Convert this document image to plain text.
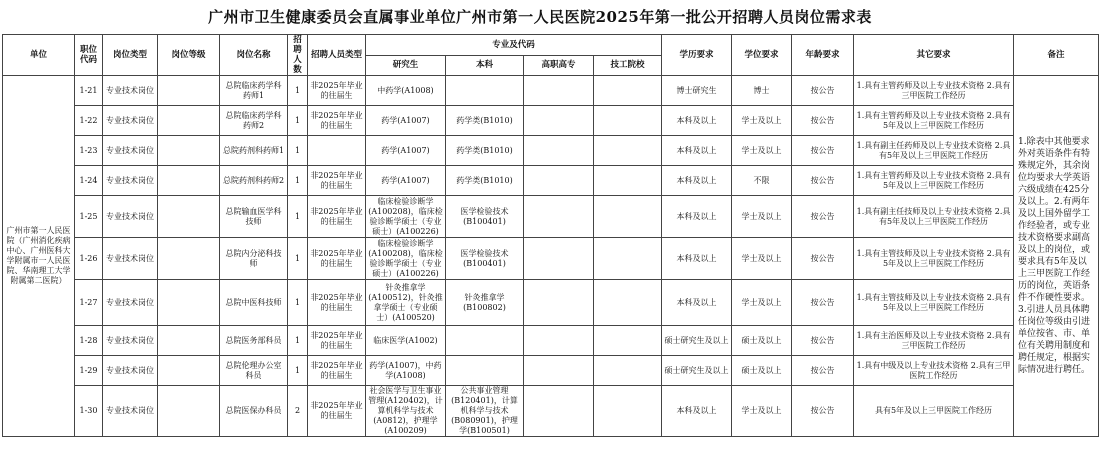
广州市卫生健康委员会直属事业单位广州市第一人民医院2025年第一批公开招聘人员岗位需求表
单位	职位代码	岗位类型	岗位等级	岗位名称	招聘人数	招聘人员类型	专业及代码				学历要求	学位要求	年龄要求	其它要求	备注
							研究生	本科	高职高专	技工院校					
广州市第一人民医院（广州消化疾病中心、广州医科大学附属市一人民医院、华南理工大学附属第二医院）	1-21	专业技术岗位		总院临床药学科药师1	1	非2025年毕业的往届生	中药学(A1008)				博士研究生	博士	按公告	1.具有主管药师及以上专业技术资格 2.具有三甲医院工作经历	1.除表中其他要求外对英语条件有特殊规定外，其余岗位均要求大学英语六级成绩在425分及以上。2.有两年及以上国外留学工作经验者，或专业技术资格要求副高及以上的岗位，或要求具有5年及以上三甲医院工作经历的岗位，英语条件不作硬性要求。3.引进人员具体聘任岗位等级由引进单位按省、市、单位有关聘用制度和聘任规定，根据实际情况进行聘任。
	1-22	专业技术岗位		总院临床药学科药师2	1	非2025年毕业的往届生	药学(A1007)	药学类(B1010)			本科及以上	学士及以上	按公告	1.具有主管药师及以上专业技术资格 2.具有5年及以上三甲医院工作经历	
	1-23	专业技术岗位		总院药剂科药师1	1		药学(A1007)	药学类(B1010)			本科及以上	学士及以上	按公告	1.具有副主任药师及以上专业技术资格 2.具有5年及以上三甲医院工作经历	
	1-24	专业技术岗位		总院药剂科药师2	1	非2025年毕业的往届生	药学(A1007)	药学类(B1010)			本科及以上	不限	按公告	1.具有主管药师及以上专业技术资格 2.具有5年及以上三甲医院工作经历	
	1-25	专业技术岗位		总院输血医学科技师	1	非2025年毕业的往届生	临床检验诊断学(A100208)，临床检验诊断学硕士（专业硕士）(A100226)	医学检验技术(B100401)			本科及以上	学士及以上	按公告	1.具有副主任技师及以上专业技术资格 2.具有5年及以上三甲医院工作经历	
	1-26	专业技术岗位		总院内分泌科技师	1	非2025年毕业的往届生	临床检验诊断学(A100208)，临床检验诊断学硕士（专业硕士）(A100226)	医学检验技术(B100401)			本科及以上	学士及以上	按公告	1.具有主管技师及以上专业技术资格 2.具有5年及以上三甲医院工作经历	
	1-27	专业技术岗位		总院中医科技师	1	非2025年毕业的往届生	针灸推拿学(A100512)，针灸推拿学硕士（专业硕士）(A100520)	针灸推拿学(B100802)			本科及以上	学士及以上	按公告	1.具有主管技师及以上专业技术资格 2.具有5年及以上三甲医院工作经历	
	1-28	专业技术岗位		总院医务部科员	1	非2025年毕业的往届生	临床医学(A1002)				硕士研究生及以上	硕士及以上	按公告	1.具有主治医师及以上专业技术资格 2.具有三甲医院工作经历	
	1-29	专业技术岗位		总院伦理办公室科员	1	非2025年毕业的往届生	药学(A1007)，中药学(A1008)				硕士研究生及以上	硕士及以上	按公告	1.具有中级及以上专业技术资格 2.具有三甲医院工作经历	
	1-30	专业技术岗位		总院医保办科员	2	非2025年毕业的往届生	社会医学与卫生事业管理(A120402)，计算机科学与技术(A0812)，护理学(A100209)	公共事业管理(B120401)，计算机科学与技术(B080901)，护理学(B100501)			本科及以上	学士及以上	按公告	具有5年及以上三甲医院工作经历	
